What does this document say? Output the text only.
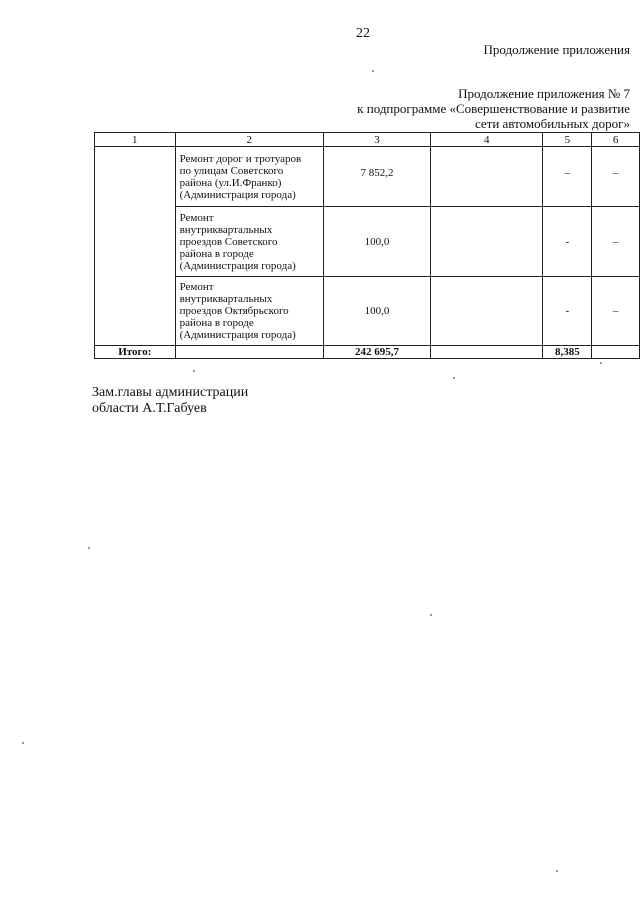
22
Продолжение приложения
Продолжение приложения № 7
к подпрограмме «Совершенствование и развитие
сети автомобильных дорог»
1	2	3	4	5	6

	Ремонт дорог и тротуаров
по улицам Советского
района (ул.И.Франко)
(Администрация города)	7 852,2		–	–

	Ремонт
внутриквартальных
проездов Советского
района в городе
(Администрация города)	100,0		-	–

	Ремонт
внутриквартальных
проездов Октябрьского
района в городе
(Администрация города)	100,0		-	–
Итого:		242 695,7		8,385	
Зам.главы администрации
области А.Т.Габуев
